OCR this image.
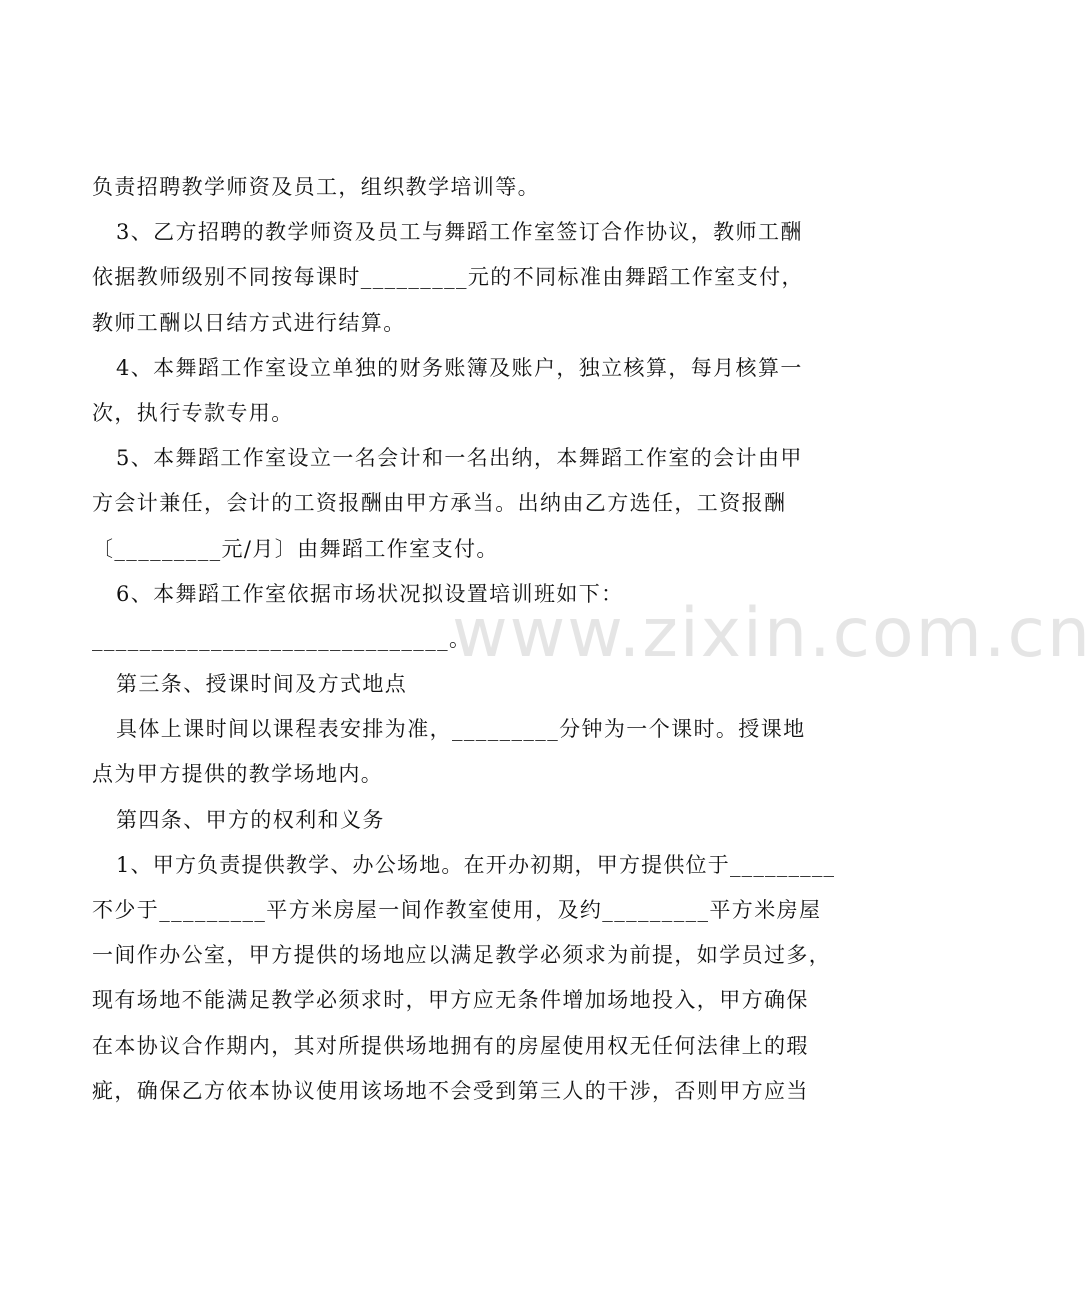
www.zixin.com.cn

负责招聘教学师资及员工，组织教学培训等。

3、乙方招聘的教学师资及员工与舞蹈工作室签订合作协议，教师工酬

依据教师级别不同按每课时_________元的不同标准由舞蹈工作室支付，

教师工酬以日结方式进行结算。

4、本舞蹈工作室设立单独的财务账簿及账户，独立核算，每月核算一

次，执行专款专用。

5、本舞蹈工作室设立一名会计和一名出纳，本舞蹈工作室的会计由甲

方会计兼任，会计的工资报酬由甲方承当。出纳由乙方选任，工资报酬

〔_________元/月〕由舞蹈工作室支付。

6、本舞蹈工作室依据市场状况拟设置培训班如下：

______________________________。

第三条、授课时间及方式地点

具体上课时间以课程表安排为准，_________分钟为一个课时。授课地

点为甲方提供的教学场地内。

第四条、甲方的权利和义务

1、甲方负责提供教学、办公场地。在开办初期，甲方提供位于_________

不少于_________平方米房屋一间作教室使用，及约_________平方米房屋

一间作办公室，甲方提供的场地应以满足教学必须求为前提，如学员过多，

现有场地不能满足教学必须求时，甲方应无条件增加场地投入，甲方确保

在本协议合作期内，其对所提供场地拥有的房屋使用权无任何法律上的瑕

疵，确保乙方依本协议使用该场地不会受到第三人的干涉，否则甲方应当
